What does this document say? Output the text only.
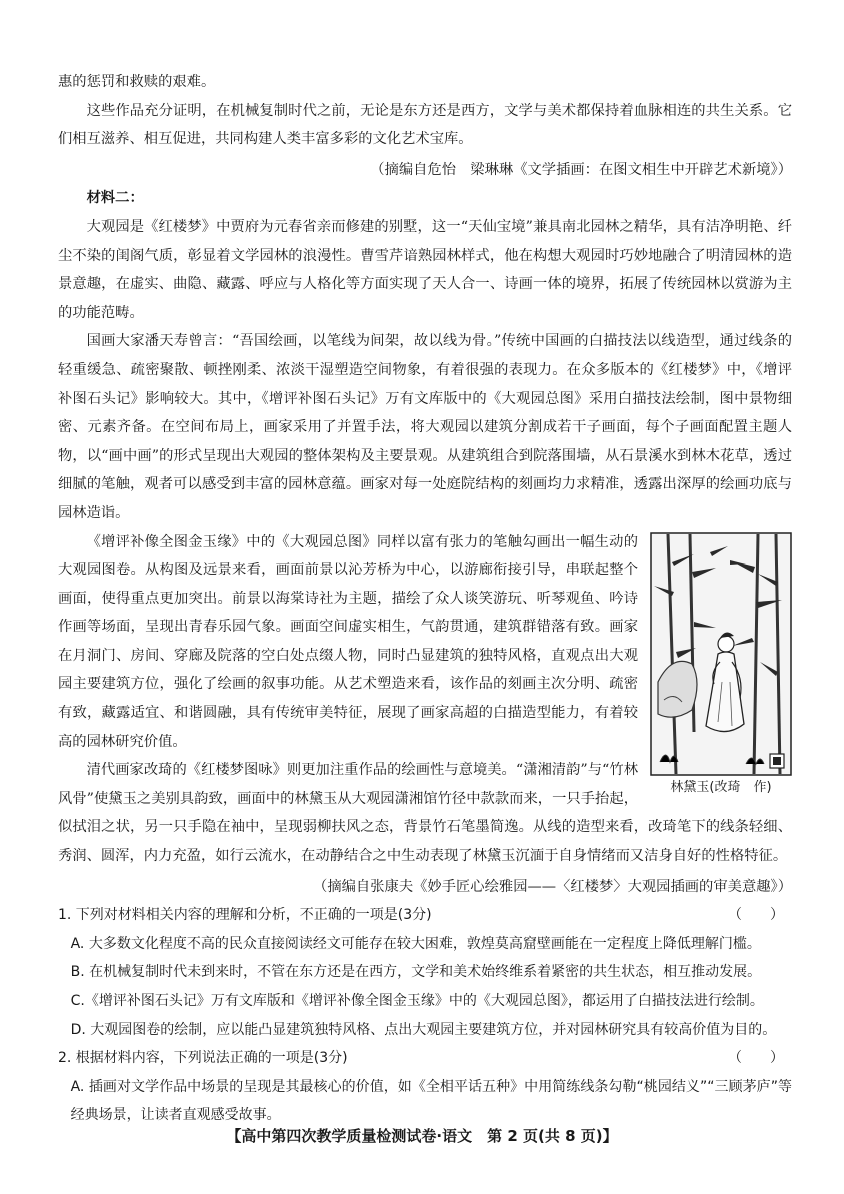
惠的惩罚和救赎的艰难。

这些作品充分证明，在机械复制时代之前，无论是东方还是西方，文学与美术都保持着血脉相连的共生关系。它们相互滋养、相互促进，共同构建人类丰富多彩的文化艺术宝库。

（摘编自危怡　梁琳琳《文学插画：在图文相生中开辟艺术新境》）

材料二：

大观园是《红楼梦》中贾府为元春省亲而修建的别墅，这一“天仙宝境”兼具南北园林之精华，具有洁净明艳、纤尘不染的闺阁气质，彰显着文学园林的浪漫性。曹雪芹谙熟园林样式，他在构想大观园时巧妙地融合了明清园林的造景意趣，在虚实、曲隐、藏露、呼应与人格化等方面实现了天人合一、诗画一体的境界，拓展了传统园林以赏游为主的功能范畴。

国画大家潘天寿曾言：“吾国绘画，以笔线为间架，故以线为骨。”传统中国画的白描技法以线造型，通过线条的轻重缓急、疏密聚散、顿挫刚柔、浓淡干湿塑造空间物象，有着很强的表现力。在众多版本的《红楼梦》中，《增评补图石头记》影响较大。其中，《增评补图石头记》万有文库版中的《大观园总图》采用白描技法绘制，图中景物细密、元素齐备。在空间布局上，画家采用了并置手法，将大观园以建筑分割成若干子画面，每个子画面配置主题人物，以“画中画”的形式呈现出大观园的整体架构及主要景观。从建筑组合到院落围墙，从石景溪水到林木花草，透过细腻的笔触，观者可以感受到丰富的园林意蕴。画家对每一处庭院结构的刻画均力求精准，透露出深厚的绘画功底与园林造诣。

林黛玉(改琦　作)

《增评补像全图金玉缘》中的《大观园总图》同样以富有张力的笔触勾画出一幅生动的大观园图卷。从构图及远景来看，画面前景以沁芳桥为中心，以游廊衔接引导，串联起整个画面，使得重点更加突出。前景以海棠诗社为主题，描绘了众人谈笑游玩、听琴观鱼、吟诗作画等场面，呈现出青春乐园气象。画面空间虚实相生，气韵贯通，建筑群错落有致。画家在月洞门、房间、穿廊及院落的空白处点缀人物，同时凸显建筑的独特风格，直观点出大观园主要建筑方位，强化了绘画的叙事功能。从艺术塑造来看，该作品的刻画主次分明、疏密有致，藏露适宜、和谐圆融，具有传统审美特征，展现了画家高超的白描造型能力，有着较高的园林研究价值。

清代画家改琦的《红楼梦图咏》则更加注重作品的绘画性与意境美。“潇湘清韵”与“竹林风骨”使黛玉之美别具韵致，画面中的林黛玉从大观园潇湘馆竹径中款款而来，一只手抬起，似拭泪之状，另一只手隐在袖中，呈现弱柳扶风之态，背景竹石笔墨简逸。从线的造型来看，改琦笔下的线条轻细、秀润、圆浑，内力充盈，如行云流水，在动静结合之中生动表现了林黛玉沉湎于自身情绪而又洁身自好的性格特征。

（摘编自张康夫《妙手匠心绘雅园——〈红楼梦〉大观园插画的审美意趣》）

1. 下列对材料相关内容的理解和分析，不正确的一项是(3分)	（　　）

A. 大多数文化程度不高的民众直接阅读经文可能存在较大困难，敦煌莫高窟壁画能在一定程度上降低理解门槛。

B. 在机械复制时代未到来时，不管在东方还是在西方，文学和美术始终维系着紧密的共生状态，相互推动发展。

C.《增评补图石头记》万有文库版和《增评补像全图金玉缘》中的《大观园总图》，都运用了白描技法进行绘制。

D. 大观园图卷的绘制，应以能凸显建筑独特风格、点出大观园主要建筑方位，并对园林研究具有较高价值为目的。

2. 根据材料内容，下列说法正确的一项是(3分)	（　　）

A. 插画对文学作品中场景的呈现是其最核心的价值，如《全相平话五种》中用简练线条勾勒“桃园结义”“三顾茅庐”等经典场景，让读者直观感受故事。

【高中第四次教学质量检测试卷·语文　第 2 页(共 8 页)】
